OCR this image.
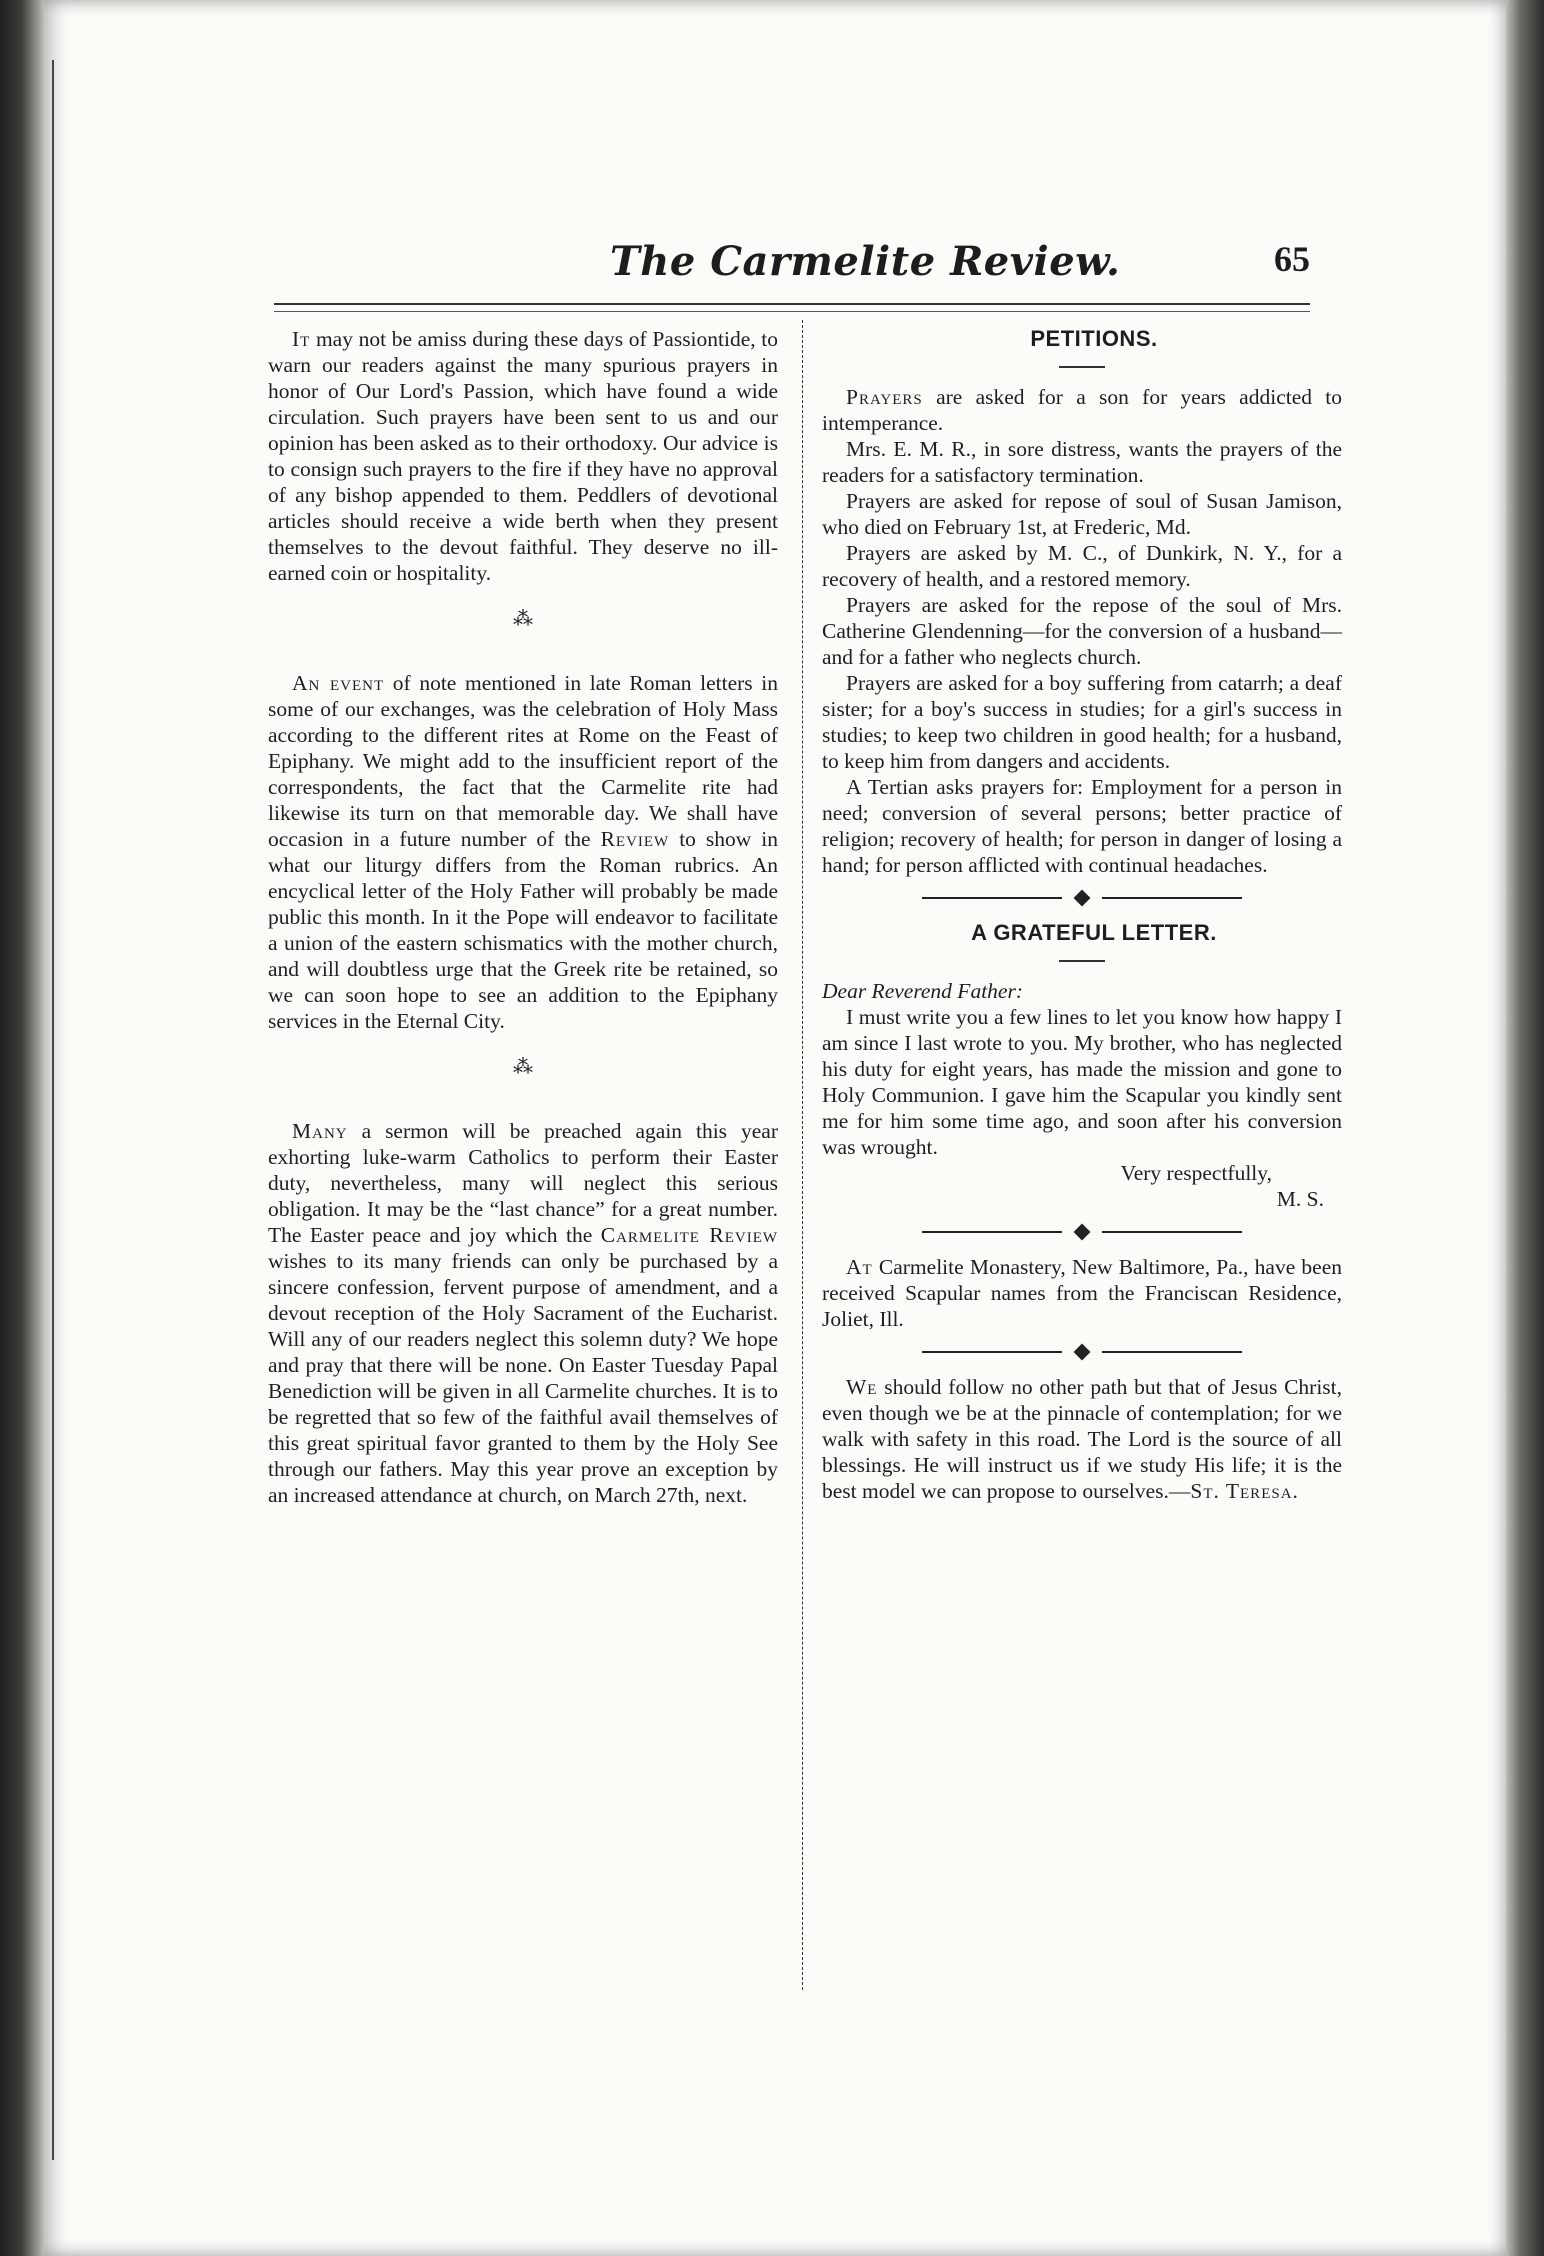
The Carmelite Review.	65

It may not be amiss during these days of Passiontide, to warn our readers against the many spurious prayers in honor of Our Lord's Passion, which have found a wide circulation. Such prayers have been sent to us and our opinion has been asked as to their orthodoxy. Our advice is to consign such prayers to the fire if they have no approval of any bishop appended to them. Peddlers of devotional articles should receive a wide berth when they present themselves to the devout faithful. They deserve no ill-earned coin or hospitality.

⁂

An event of note mentioned in late Roman letters in some of our exchanges, was the celebration of Holy Mass according to the different rites at Rome on the Feast of Epiphany. We might add to the insufficient report of the correspondents, the fact that the Carmelite rite had likewise its turn on that memorable day. We shall have occasion in a future number of the Review to show in what our liturgy differs from the Roman rubrics. An encyclical letter of the Holy Father will probably be made public this month. In it the Pope will endeavor to facilitate a union of the eastern schismatics with the mother church, and will doubtless urge that the Greek rite be retained, so we can soon hope to see an addition to the Epiphany services in the Eternal City.

⁂

Many a sermon will be preached again this year exhorting luke-warm Catholics to perform their Easter duty, nevertheless, many will neglect this serious obligation. It may be the “last chance” for a great number. The Easter peace and joy which the Carmelite Review wishes to its many friends can only be purchased by a sincere confession, fervent purpose of amendment, and a devout reception of the Holy Sacrament of the Eucharist. Will any of our readers neglect this solemn duty? We hope and pray that there will be none. On Easter Tuesday Papal Benediction will be given in all Carmelite churches. It is to be regretted that so few of the faithful avail themselves of this great spiritual favor granted to them by the Holy See through our fathers. May this year prove an exception by an increased attendance at church, on March 27th, next.

PETITIONS.

Prayers are asked for a son for years addicted to intemperance.

Mrs. E. M. R., in sore distress, wants the prayers of the readers for a satisfactory termination.

Prayers are asked for repose of soul of Susan Jamison, who died on February 1st, at Frederic, Md.

Prayers are asked by M. C., of Dunkirk, N. Y., for a recovery of health, and a restored memory.

Prayers are asked for the repose of the soul of Mrs. Catherine Glendenning—for the conversion of a husband—and for a father who neglects church.

Prayers are asked for a boy suffering from catarrh; a deaf sister; for a boy's success in studies; for a girl's success in studies; to keep two children in good health; for a husband, to keep him from dangers and accidents.

A Tertian asks prayers for: Employment for a person in need; conversion of several persons; better practice of religion; recovery of health; for person in danger of losing a hand; for person afflicted with continual headaches.

A GRATEFUL LETTER.

Dear Reverend Father:

I must write you a few lines to let you know how happy I am since I last wrote to you. My brother, who has neglected his duty for eight years, has made the mission and gone to Holy Communion. I gave him the Scapular you kindly sent me for him some time ago, and soon after his conversion was wrought.

Very respectfully,

M. S.

At Carmelite Monastery, New Baltimore, Pa., have been received Scapular names from the Franciscan Residence, Joliet, Ill.

We should follow no other path but that of Jesus Christ, even though we be at the pinnacle of contemplation; for we walk with safety in this road. The Lord is the source of all blessings. He will instruct us if we study His life; it is the best model we can propose to ourselves.—St. Teresa.
